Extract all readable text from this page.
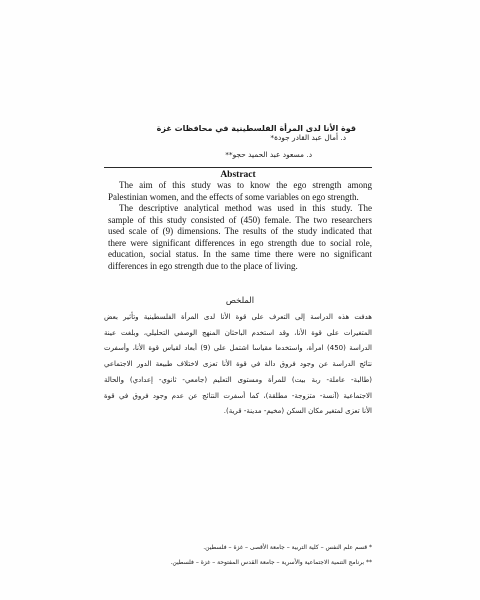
قوة الأنا لدى المرأة الفلسطينية في محافظات غزة
د. أمال عبد القادر جودة*
د. مسعود عبد الحميد حجو**
Abstract
The aim of this study was to know the ego strength among
Palestinian women, and the effects of some variables on ego strength.
The descriptive analytical method was used in this study. The
sample of this study consisted of (450) female. The two researchers
used scale of (9) dimensions. The results of the study indicated that
there were significant differences in ego strength due to social role,
education, social status. In the same time there were no significant
differences in ego strength due to the place of living.
الملخص
هدفت هذه الدراسة إلى التعرف على قوة الأنا لدى المرأة الفلسطينية وتأثير بعض
المتغيرات على قوة الأنا، وقد استخدم الباحثان المنهج الوصفي التحليلي، وبلغت عينة
الدراسة (450) امرأة، واستخدما مقياسا اشتمل على (9) أبعاد لقياس قوة الأنا، وأسفرت
نتائج الدراسة عن وجود فروق دالة في قوة الأنا تعزى لاختلاف طبيعة الدور الاجتماعي
(طالبة- عاملة- ربة بيت) للمرأة ومستوى التعليم (جامعي- ثانوي- إعدادي) والحالة
الاجتماعية (آنسة- متزوجة- مطلقة)، كما أسفرت النتائج عن عدم وجود فروق في قوة
الأنا تعزى لمتغير مكان السكن (مخيم- مدينة- قرية).
* قسم علم النفس – كلية التربية – جامعة الأقصى – غزة – فلسطين.
** برنامج التنمية الاجتماعية والأسرية – جامعة القدس المفتوحة – غزة – فلسطين.
